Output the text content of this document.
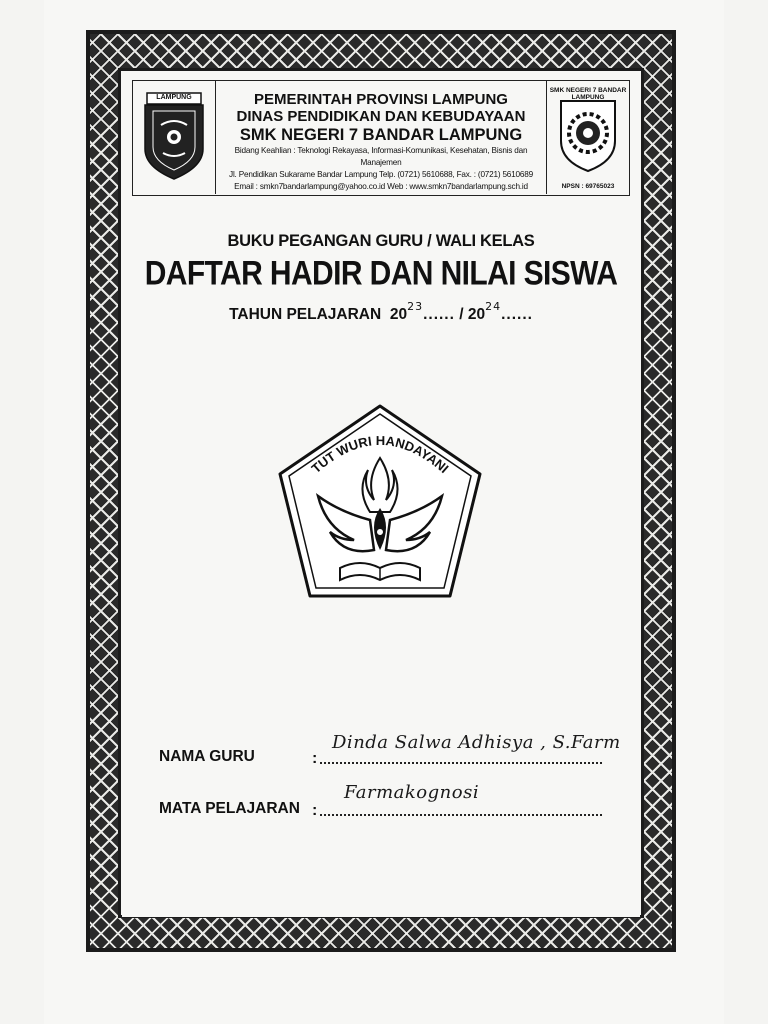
LAMPUNG	PEMERINTAH PROVINSI LAMPUNG
DINAS PENDIDIKAN DAN KEBUDAYAAN
SMK NEGERI 7 BANDAR LAMPUNG
Bidang Keahlian : Teknologi Rekayasa, Informasi-Komunikasi, Kesehatan, Bisnis dan Manajemen
Jl. Pendidikan Sukarame Bandar Lampung Telp. (0721) 5610688, Fax. : (0721) 5610689
Email : smkn7bandarlampung@yahoo.co.id Web : www.smkn7bandarlampung.sch.id
SMK NEGERI 7 BANDAR LAMPUNG
NPSN : 69765023
BUKU PEGANGAN GURU / WALI KELAS
DAFTAR HADIR DAN NILAI SISWA
TAHUN PELAJARAN $20^{23}$...... / $20^{24}$......
TUT WURI HANDAYANI
NAMA GURU	:
Dinda Salwa Adhisya , S.Farm
MATA PELAJARAN :
Farmakognosi
